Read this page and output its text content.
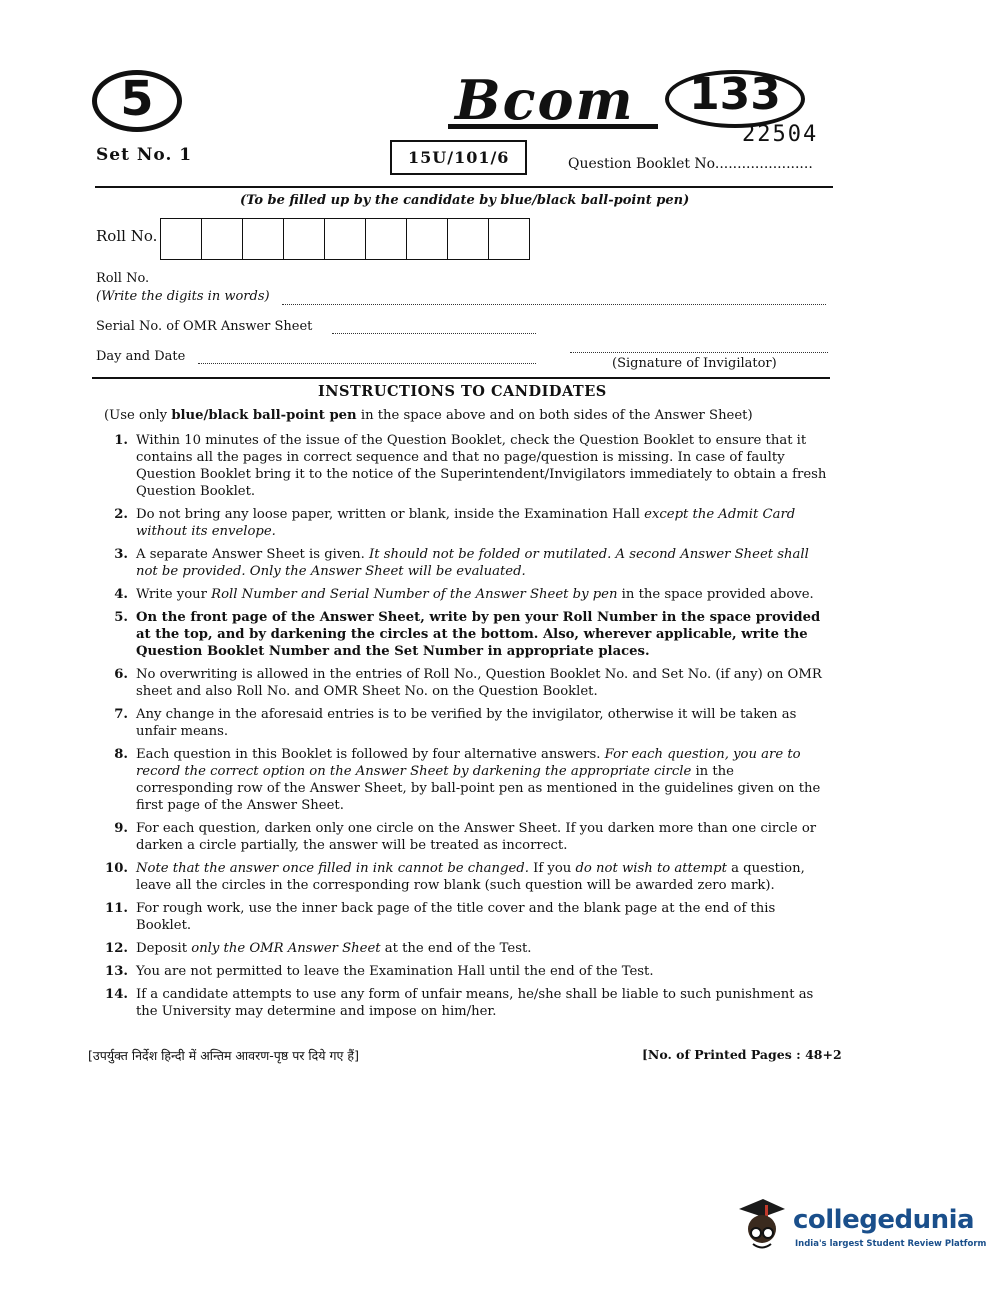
5	Bcom	133
22504
Set No. 1	15U/101/6	Question Booklet No......................
(To be filled up by the candidate by blue/black ball-point pen)
Roll No.
Roll No.
(Write the digits in words)
Serial No. of OMR Answer Sheet
Day and Date	(Signature of Invigilator)
INSTRUCTIONS TO CANDIDATES
(Use only blue/black ball-point pen in the space above and on both sides of the Answer Sheet)
1. Within 10 minutes of the issue of the Question Booklet, check the Question Booklet to ensure that it contains all the pages in correct sequence and that no page/question is missing. In case of faulty Question Booklet bring it to the notice of the Superintendent/Invigilators immediately to obtain a fresh Question Booklet.
2. Do not bring any loose paper, written or blank, inside the Examination Hall except the Admit Card without its envelope.
3. A separate Answer Sheet is given. It should not be folded or mutilated. A second Answer Sheet shall not be provided. Only the Answer Sheet will be evaluated.
4. Write your Roll Number and Serial Number of the Answer Sheet by pen in the space provided above.
5. On the front page of the Answer Sheet, write by pen your Roll Number in the space provided at the top, and by darkening the circles at the bottom. Also, wherever applicable, write the Question Booklet Number and the Set Number in appropriate places.
6. No overwriting is allowed in the entries of Roll No., Question Booklet No. and Set No. (if any) on OMR sheet and also Roll No. and OMR Sheet No. on the Question Booklet.
7. Any change in the aforesaid entries is to be verified by the invigilator, otherwise it will be taken as unfair means.
8. Each question in this Booklet is followed by four alternative answers. For each question, you are to record the correct option on the Answer Sheet by darkening the appropriate circle in the corresponding row of the Answer Sheet, by ball-point pen as mentioned in the guidelines given on the first page of the Answer Sheet.
9. For each question, darken only one circle on the Answer Sheet. If you darken more than one circle or darken a circle partially, the answer will be treated as incorrect.
10. Note that the answer once filled in ink cannot be changed. If you do not wish to attempt a question, leave all the circles in the corresponding row blank (such question will be awarded zero mark).
11. For rough work, use the inner back page of the title cover and the blank page at the end of this Booklet.
12. Deposit only the OMR Answer Sheet at the end of the Test.
13. You are not permitted to leave the Examination Hall until the end of the Test.
14. If a candidate attempts to use any form of unfair means, he/she shall be liable to such punishment as the University may determine and impose on him/her.
[उपर्युक्त निर्देश हिन्दी में अन्तिम आवरण-पृष्ठ पर दिये गए हैं]	[No. of Printed Pages : 48+2
collegedunia
India's largest Student Review Platform
